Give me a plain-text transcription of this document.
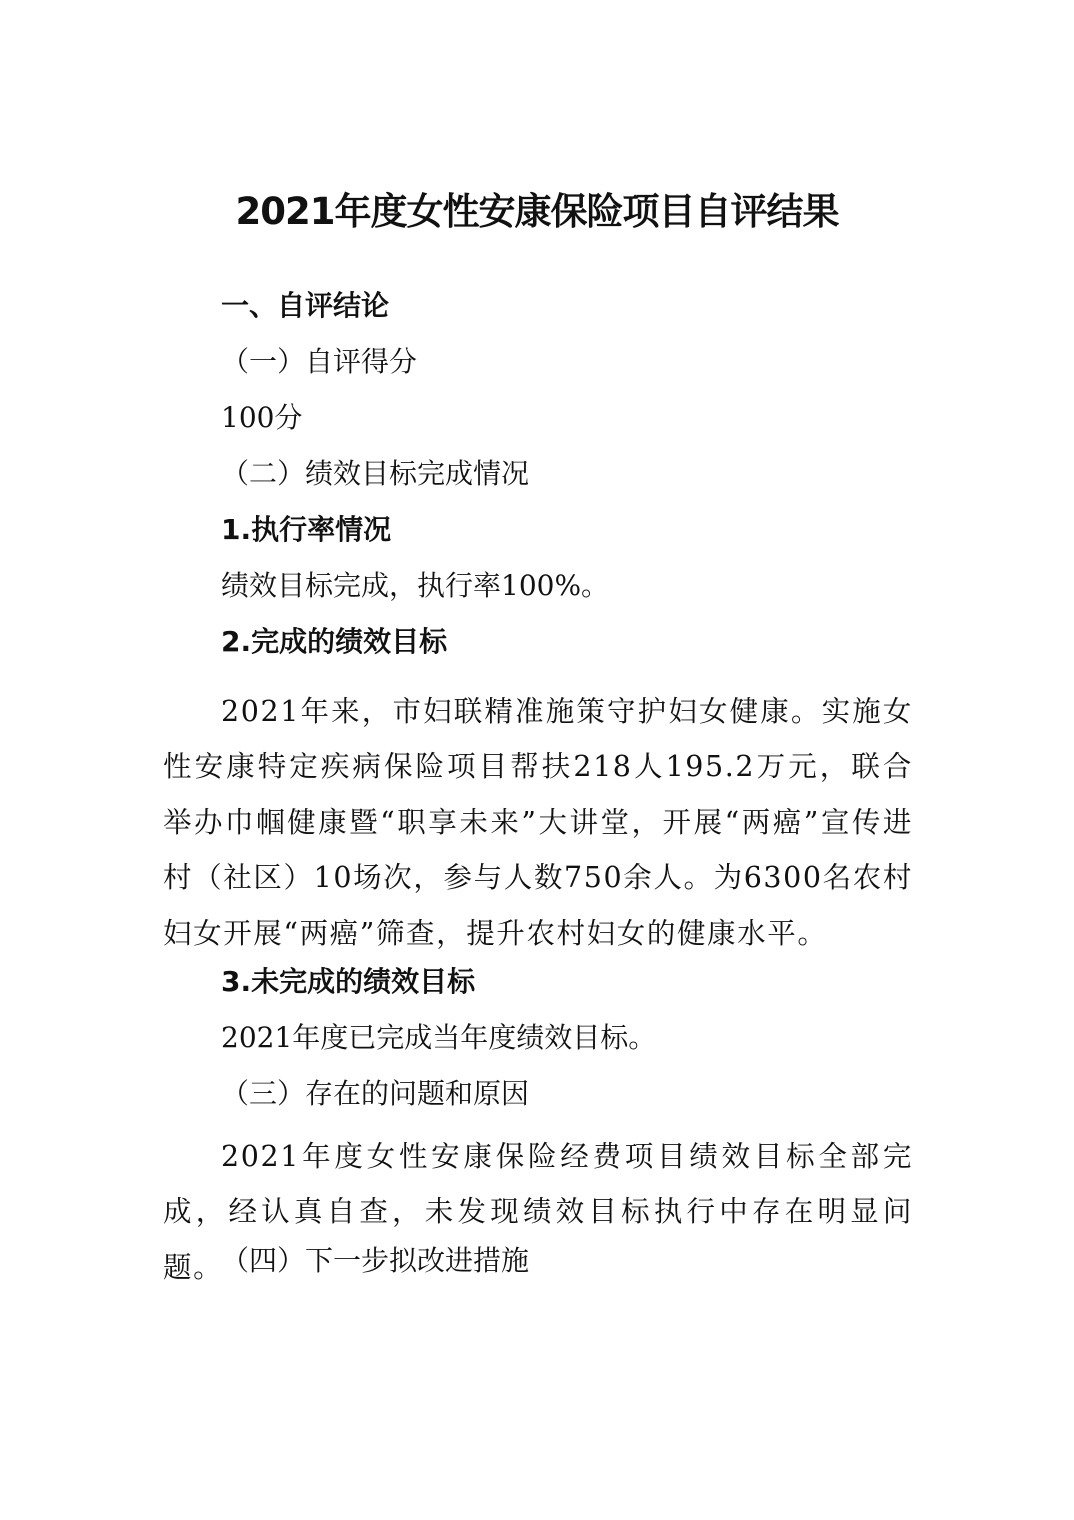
2021年度女性安康保险项目自评结果
一、自评结论
（一）自评得分
100分
（二）绩效目标完成情况
1.执行率情况
绩效目标完成，执行率100%。
2.完成的绩效目标
2021年来，市妇联精准施策守护妇女健康。实施女性安康特定疾病保险项目帮扶218人195.2万元，联合举办巾帼健康暨“职享未来”大讲堂，开展“两癌”宣传进村（社区）10场次，参与人数750余人。为6300名农村妇女开展“两癌”筛查，提升农村妇女的健康水平。
3.未完成的绩效目标
2021年度已完成当年度绩效目标。
（三）存在的问题和原因
2021年度女性安康保险经费项目绩效目标全部完成，经认真自查，未发现绩效目标执行中存在明显问题。
（四）下一步拟改进措施
